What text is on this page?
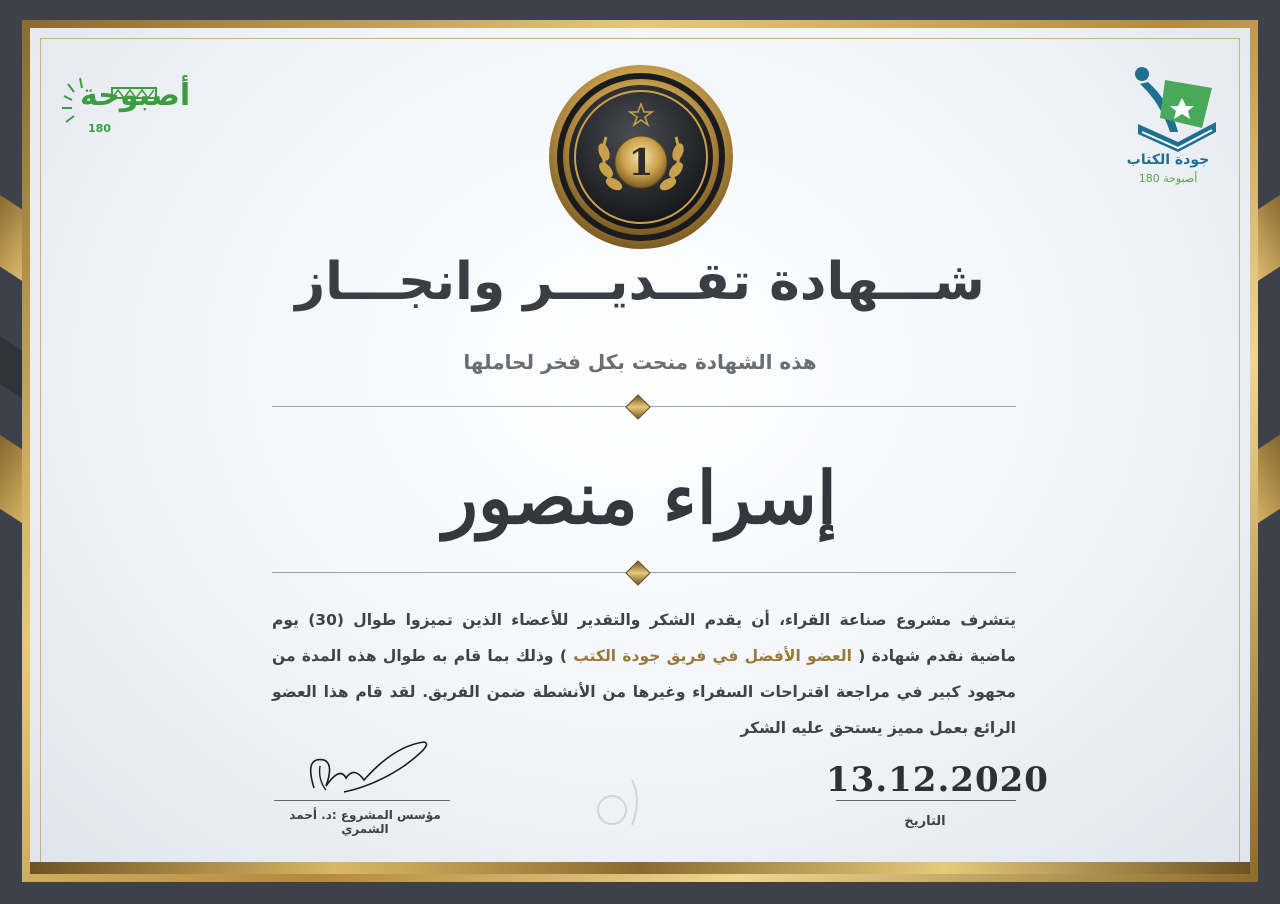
أصبوحة
180
جودة الكتاب
أصبوحة 180
1
شـــهادة تقــديـــر وانجـــاز
هذه الشهادة منحت بكل فخر لحاملها
إسراء منصور
يتشرف مشروع صناعة القراء، أن يقدم الشكر والتقدير للأعضاء الذين تميزوا طوال (30) يوم ماضية نقدم شهادة ( العضو الأفضل في فريق جودة الكتب ) وذلك بما قام به طوال هذه المدة من مجهود كبير في مراجعة اقتراحات السفراء وغيرها من الأنشطة ضمن الفريق. لقد قام هذا العضو الرائع بعمل مميز يستحق عليه الشكر
مؤسس المشروع :د. أحمد الشمري
13.12.2020
التاريخ
